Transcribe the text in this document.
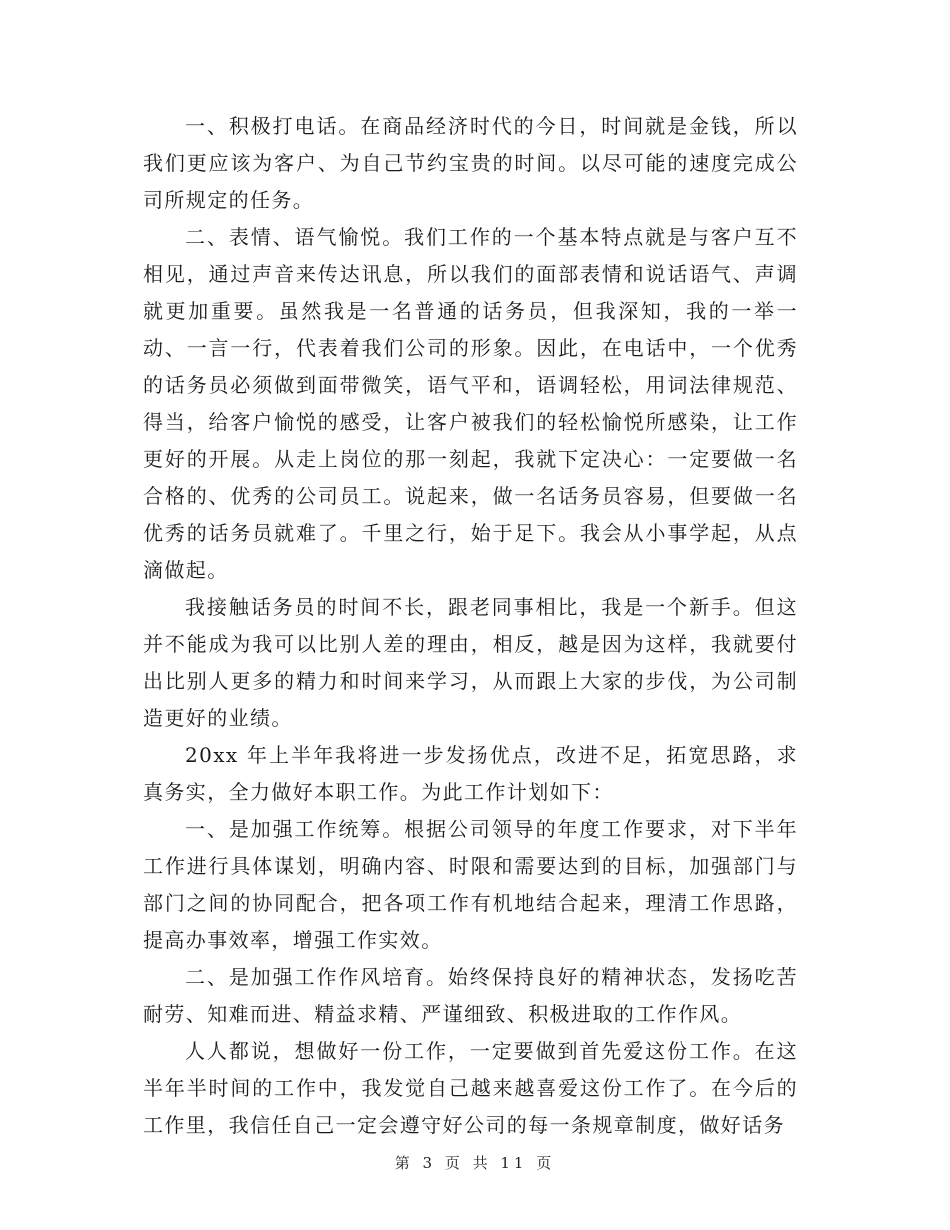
一、积极打电话。在商品经济时代的今日，时间就是金钱，所以我们更应该为客户、为自己节约宝贵的时间。以尽可能的速度完成公司所规定的任务。

二、表情、语气愉悦。我们工作的一个基本特点就是与客户互不相见，通过声音来传达讯息，所以我们的面部表情和说话语气、声调就更加重要。虽然我是一名普通的话务员，但我深知，我的一举一动、一言一行，代表着我们公司的形象。因此，在电话中，一个优秀的话务员必须做到面带微笑，语气平和，语调轻松，用词法律规范、得当，给客户愉悦的感受，让客户被我们的轻松愉悦所感染，让工作更好的开展。从走上岗位的那一刻起，我就下定决心：一定要做一名合格的、优秀的公司员工。说起来，做一名话务员容易，但要做一名优秀的话务员就难了。千里之行，始于足下。我会从小事学起，从点滴做起。

我接触话务员的时间不长，跟老同事相比，我是一个新手。但这并不能成为我可以比别人差的理由，相反，越是因为这样，我就要付出比别人更多的精力和时间来学习，从而跟上大家的步伐，为公司制造更好的业绩。

20xx 年上半年我将进一步发扬优点，改进不足，拓宽思路，求真务实，全力做好本职工作。为此工作计划如下：

一、是加强工作统筹。根据公司领导的年度工作要求，对下半年工作进行具体谋划，明确内容、时限和需要达到的目标，加强部门与部门之间的协同配合，把各项工作有机地结合起来，理清工作思路，提高办事效率，增强工作实效。

二、是加强工作作风培育。始终保持良好的精神状态，发扬吃苦耐劳、知难而进、精益求精、严谨细致、积极进取的工作作风。

人人都说，想做好一份工作，一定要做到首先爱这份工作。在这半年半时间的工作中，我发觉自己越来越喜爱这份工作了。在今后的工作里，我信任自己一定会遵守好公司的每一条规章制度，做好话务

第 3 页 共 11 页
